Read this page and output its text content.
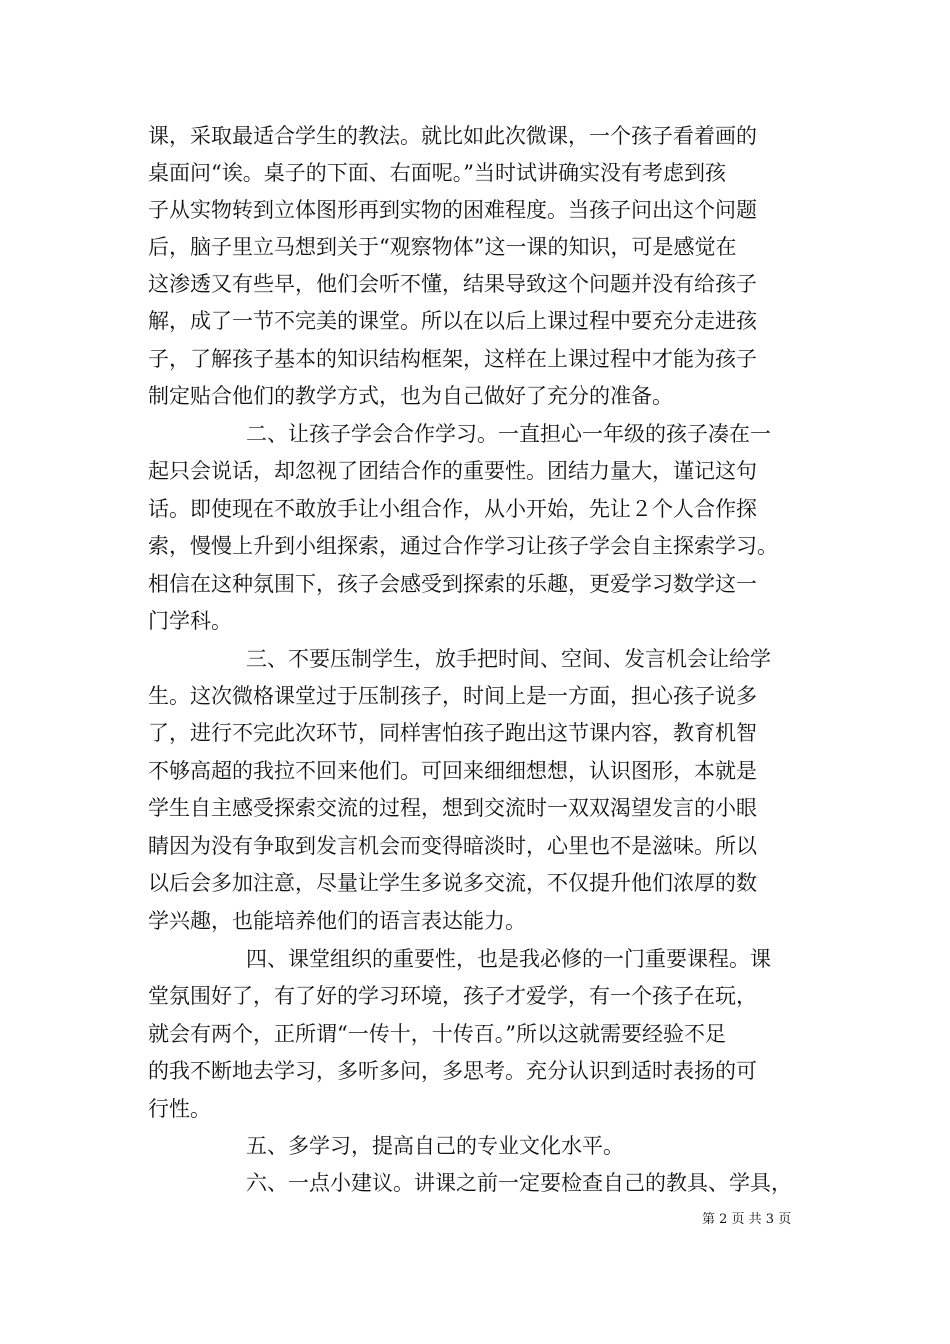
课，采取最适合学生的教法。就比如此次微课，一个孩子看着画的
桌面问“诶。桌子的下面、右面呢。”当时试讲确实没有考虑到孩
子从实物转到立体图形再到实物的困难程度。当孩子问出这个问题
后，脑子里立马想到关于“观察物体”这一课的知识，可是感觉在
这渗透又有些早，他们会听不懂，结果导致这个问题并没有给孩子
解，成了一节不完美的课堂。所以在以后上课过程中要充分走进孩
子，了解孩子基本的知识结构框架，这样在上课过程中才能为孩子
制定贴合他们的教学方式，也为自己做好了充分的准备。
二、让孩子学会合作学习。一直担心一年级的孩子凑在一
起只会说话，却忽视了团结合作的重要性。团结力量大，谨记这句
话。即使现在不敢放手让小组合作，从小开始，先让２个人合作探
索，慢慢上升到小组探索，通过合作学习让孩子学会自主探索学习。
相信在这种氛围下，孩子会感受到探索的乐趣，更爱学习数学这一
门学科。
三、不要压制学生，放手把时间、空间、发言机会让给学
生。这次微格课堂过于压制孩子，时间上是一方面，担心孩子说多
了，进行不完此次环节，同样害怕孩子跑出这节课内容，教育机智
不够高超的我拉不回来他们。可回来细细想想，认识图形，本就是
学生自主感受探索交流的过程，想到交流时一双双渴望发言的小眼
睛因为没有争取到发言机会而变得暗淡时，心里也不是滋味。所以
以后会多加注意，尽量让学生多说多交流，不仅提升他们浓厚的数
学兴趣，也能培养他们的语言表达能力。
四、课堂组织的重要性，也是我必修的一门重要课程。课
堂氛围好了，有了好的学习环境，孩子才爱学，有一个孩子在玩，
就会有两个，正所谓“一传十，十传百。”所以这就需要经验不足
的我不断地去学习，多听多问，多思考。充分认识到适时表扬的可
行性。
五、多学习，提高自己的专业文化水平。
六、一点小建议。讲课之前一定要检查自己的教具、学具，
第 2 页 共 3 页
